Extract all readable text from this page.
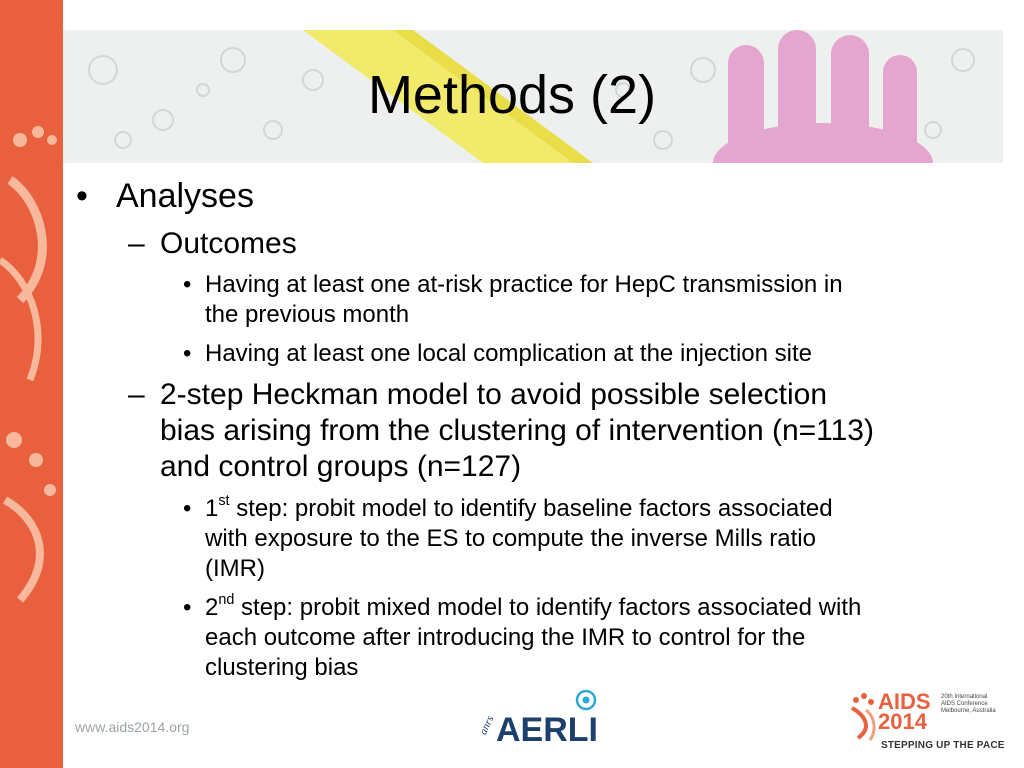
Methods (2)
• Analyses
– Outcomes
• Having at least one at-risk practice for HepC transmission in
the previous month
• Having at least one local complication at the injection site
– 2-step Heckman model to avoid possible selection
bias arising from the clustering of intervention (n=113)
and control groups (n=127)
• 1st step: probit model to identify baseline factors associated
with exposure to the ES to compute the inverse Mills ratio
(IMR)
• 2nd step: probit mixed model to identify factors associated with
each outcome after introducing the IMR to control for the
clustering bias
www.aids2014.org	anrs AERLI
AIDS 2014
20th International AIDS Conference Melbourne, Australia
STEPPING UP THE PACE
